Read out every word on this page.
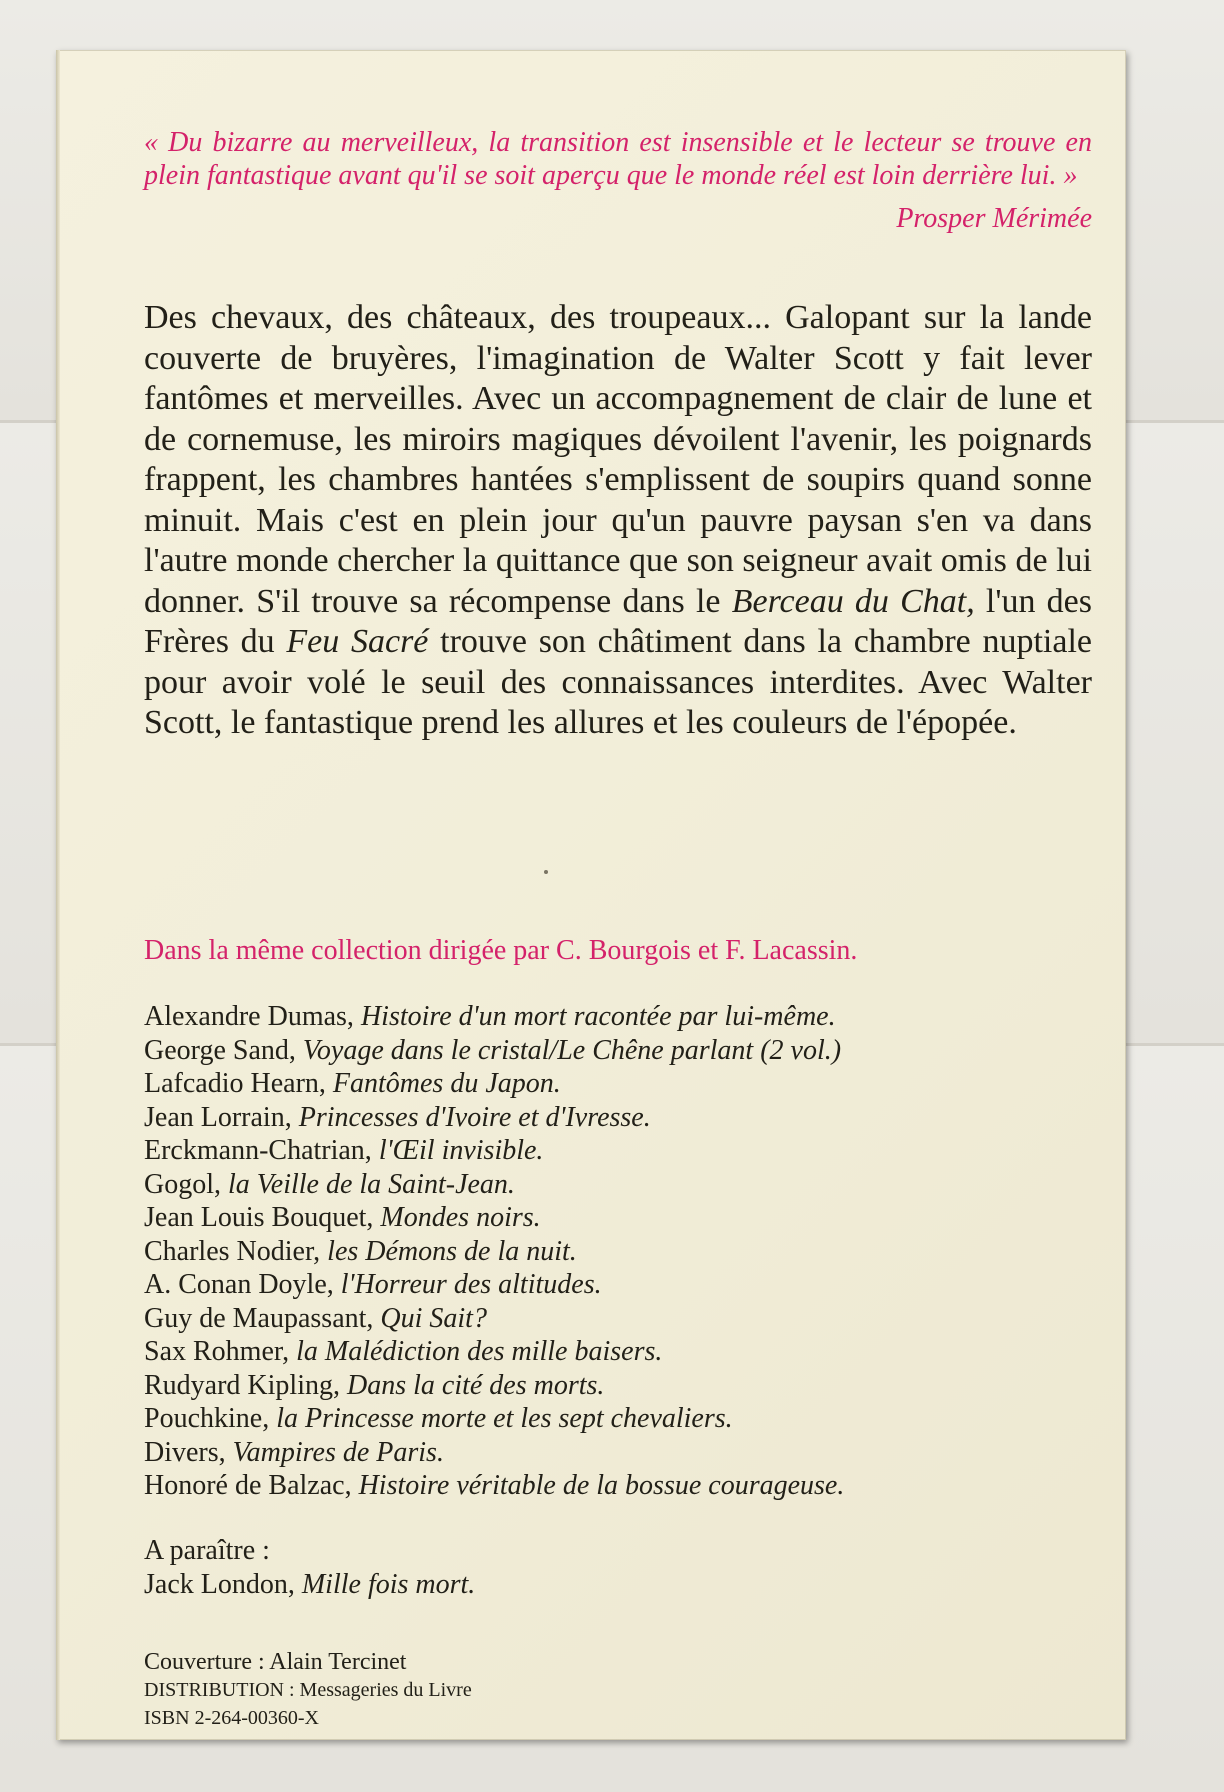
« Du bizarre au merveilleux, la transition est insensible et le lecteur se trouve en plein fantastique avant qu'il se soit aperçu que le monde réel est loin derrière lui. »

Prosper Mérimée

Des chevaux, des châteaux, des troupeaux... Galopant sur la lande couverte de bruyères, l'imagination de Walter Scott y fait lever fantômes et merveilles. Avec un accompagnement de clair de lune et de cornemuse, les miroirs magiques dévoilent l'avenir, les poignards frappent, les chambres hantées s'emplissent de soupirs quand sonne minuit. Mais c'est en plein jour qu'un pauvre paysan s'en va dans l'autre monde chercher la quittance que son seigneur avait omis de lui donner. S'il trouve sa récompense dans le Berceau du Chat, l'un des Frères du Feu Sacré trouve son châtiment dans la chambre nuptiale pour avoir volé le seuil des connaissances interdites. Avec Walter Scott, le fantastique prend les allures et les couleurs de l'épopée.

Dans la même collection dirigée par C. Bourgois et F. Lacassin.

Alexandre Dumas, Histoire d'un mort racontée par lui-même.
George Sand, Voyage dans le cristal/Le Chêne parlant (2 vol.)
Lafcadio Hearn, Fantômes du Japon.
Jean Lorrain, Princesses d'Ivoire et d'Ivresse.
Erckmann-Chatrian, l'Œil invisible.
Gogol, la Veille de la Saint-Jean.
Jean Louis Bouquet, Mondes noirs.
Charles Nodier, les Démons de la nuit.
A. Conan Doyle, l'Horreur des altitudes.
Guy de Maupassant, Qui Sait?
Sax Rohmer, la Malédiction des mille baisers.
Rudyard Kipling, Dans la cité des morts.
Pouchkine, la Princesse morte et les sept chevaliers.
Divers, Vampires de Paris.
Honoré de Balzac, Histoire véritable de la bossue courageuse.
A paraître :
Jack London, Mille fois mort.
Couverture : Alain Tercinet
DISTRIBUTION : Messageries du Livre
ISBN 2-264-00360-X
